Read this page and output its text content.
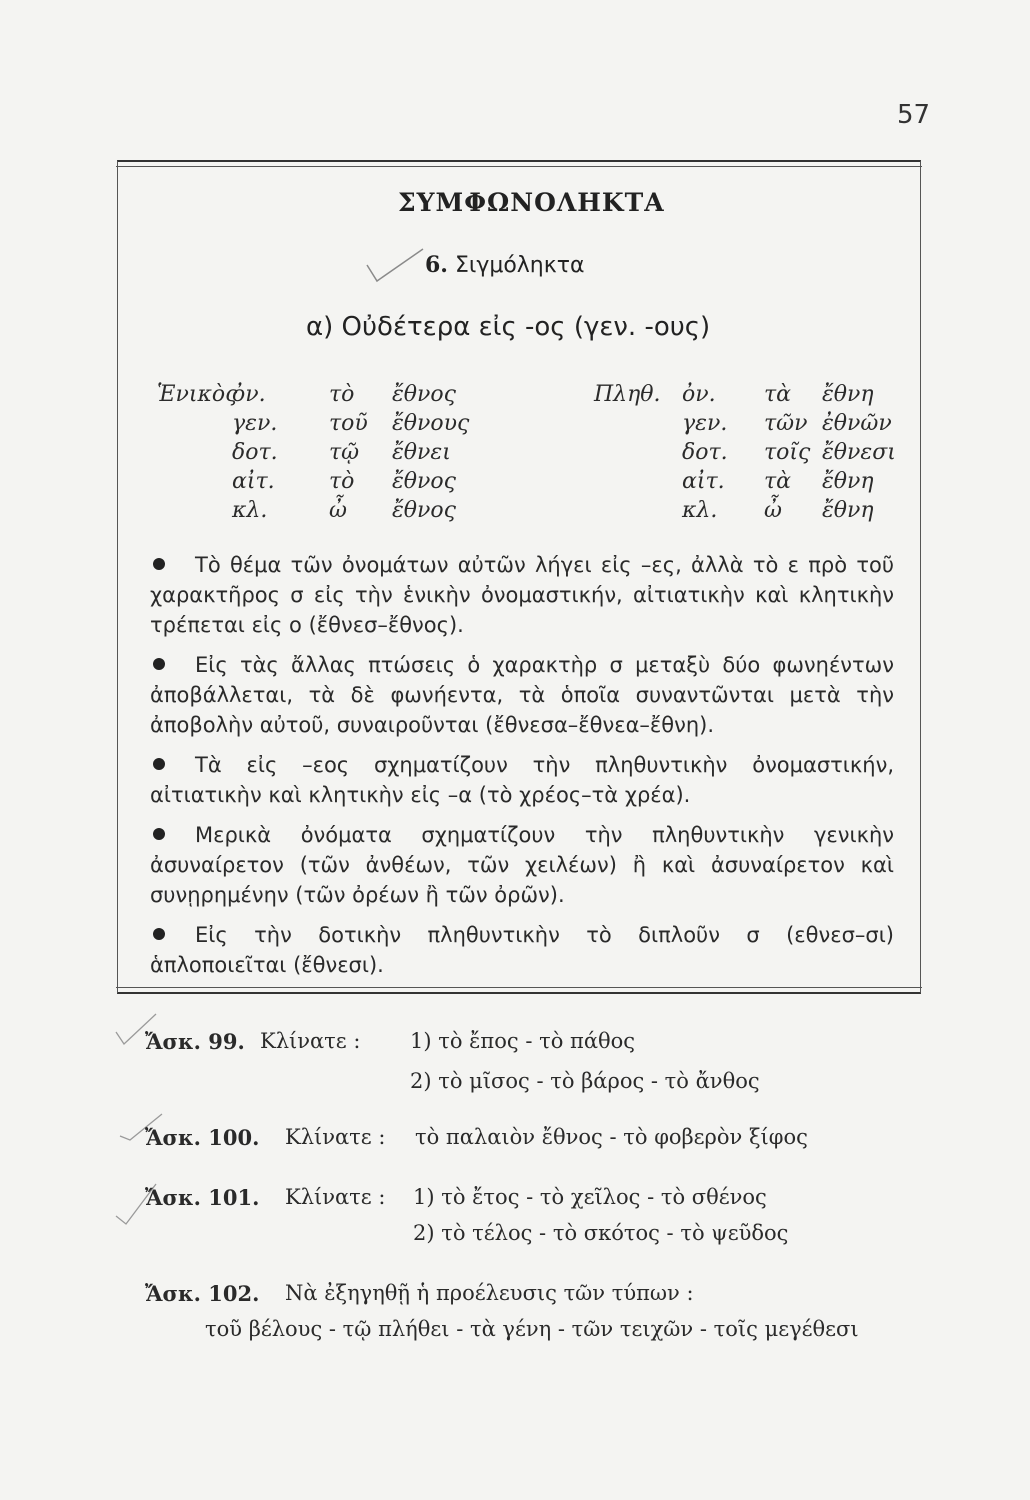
57
ΣΥΜΦΩΝΟΛΗΚΤΑ
6. Σιγμόληκτα
α) Οὐδέτερα εἰς -ος (γεν. -ους)
Ἑνικὸς
ὀν.	τὸ ἔθνος
γεν. τοῦ ἔθνους
δοτ. τῷ ἔθνει
αἰτ. τὸ ἔθνος
κλ.	ὦ ἔθνος
Πληθ. ὀν. τὰ ἔθνη
γεν. τῶν ἐθνῶν
δοτ. τοῖς ἔθνεσι
αἰτ. τὰ ἔθνη
κλ. ὦ ἔθνη

Τὸ θέμα τῶν ὀνομάτων αὐτῶν λήγει εἰς –ες, ἀλλὰ τὸ ε πρὸ τοῦ χαρακτῆρος σ εἰς τὴν ἑνικὴν ὀνομαστικήν, αἰτιατικὴν καὶ κλητικὴν τρέπεται εἰς ο (ἔθνεσ–ἔθνος).

Εἰς τὰς ἄλλας πτώσεις ὁ χαρακτὴρ σ μεταξὺ δύο φωνηέντων ἀποβάλλεται, τὰ δὲ φωνήεντα, τὰ ὁποῖα συναντῶνται μετὰ τὴν ἀποβολὴν αὐτοῦ, συναιροῦνται (ἔθνεσα–ἔθνεα–ἔθνη).

Τὰ εἰς –εος σχηματίζουν τὴν πληθυντικὴν ὀνομαστικήν, αἰτιατικὴν καὶ κλητικὴν εἰς –α (τὸ χρέος–τὰ χρέα).

Μερικὰ ὀνόματα σχηματίζουν τὴν πληθυντικὴν γενικὴν ἀσυναίρετον (τῶν ἀνθέων, τῶν χειλέων) ἢ καὶ ἀσυναίρετον καὶ συνῃρημένην (τῶν ὀρέων ἢ τῶν ὀρῶν).

Εἰς τὴν δοτικὴν πληθυντικὴν τὸ διπλοῦν σ (εθνεσ–σι) ἁπλοποιεῖται (ἔθνεσι).

Ἄσκ. 99. Κλίνατε : 1) τὸ ἔπος - τὸ πάθος
2) τὸ μῖσος - τὸ βάρος - τὸ ἄνθος
Ἄσκ. 100. Κλίνατε : τὸ παλαιὸν ἔθνος - τὸ φοβερὸν ξίφος
Ἄσκ. 101. Κλίνατε : 1) τὸ ἔτος - τὸ χεῖλος - τὸ σθένος
2) τὸ τέλος - τὸ σκότος - τὸ ψεῦδος
Ἄσκ. 102. Νὰ ἐξηγηθῇ ἡ προέλευσις τῶν τύπων :
τοῦ βέλους - τῷ πλήθει - τὰ γένη - τῶν τειχῶν - τοῖς μεγέθεσι
